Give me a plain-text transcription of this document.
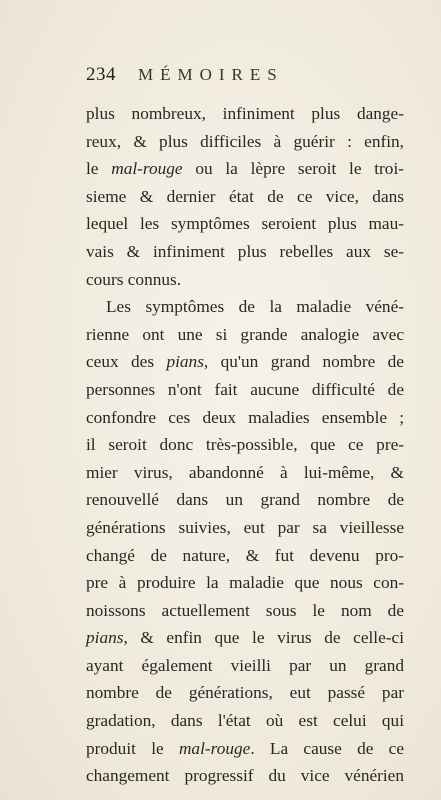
234 MÉMOIRES
plus nombreux, infiniment plus dange-
reux, & plus difficiles à guérir : enfin,
le mal-rouge ou la lèpre seroit le troi-
sieme & dernier état de ce vice, dans
lequel les symptômes seroient plus mau-
vais & infiniment plus rebelles aux se-
cours connus.
Les symptômes de la maladie véné-
rienne ont une si grande analogie avec
ceux des pians, qu'un grand nombre de
personnes n'ont fait aucune difficulté de
confondre ces deux maladies ensemble ;
il seroit donc très-possible, que ce pre-
mier virus, abandonné à lui-même, &
renouvellé dans un grand nombre de
générations suivies, eut par sa vieillesse
changé de nature, & fut devenu pro-
pre à produire la maladie que nous con-
noissons actuellement sous le nom de
pians, & enfin que le virus de celle-ci
ayant également vieilli par un grand
nombre de générations, eut passé par
gradation, dans l'état où est celui qui
produit le mal-rouge. La cause de ce
changement progressif du vice vénérien
